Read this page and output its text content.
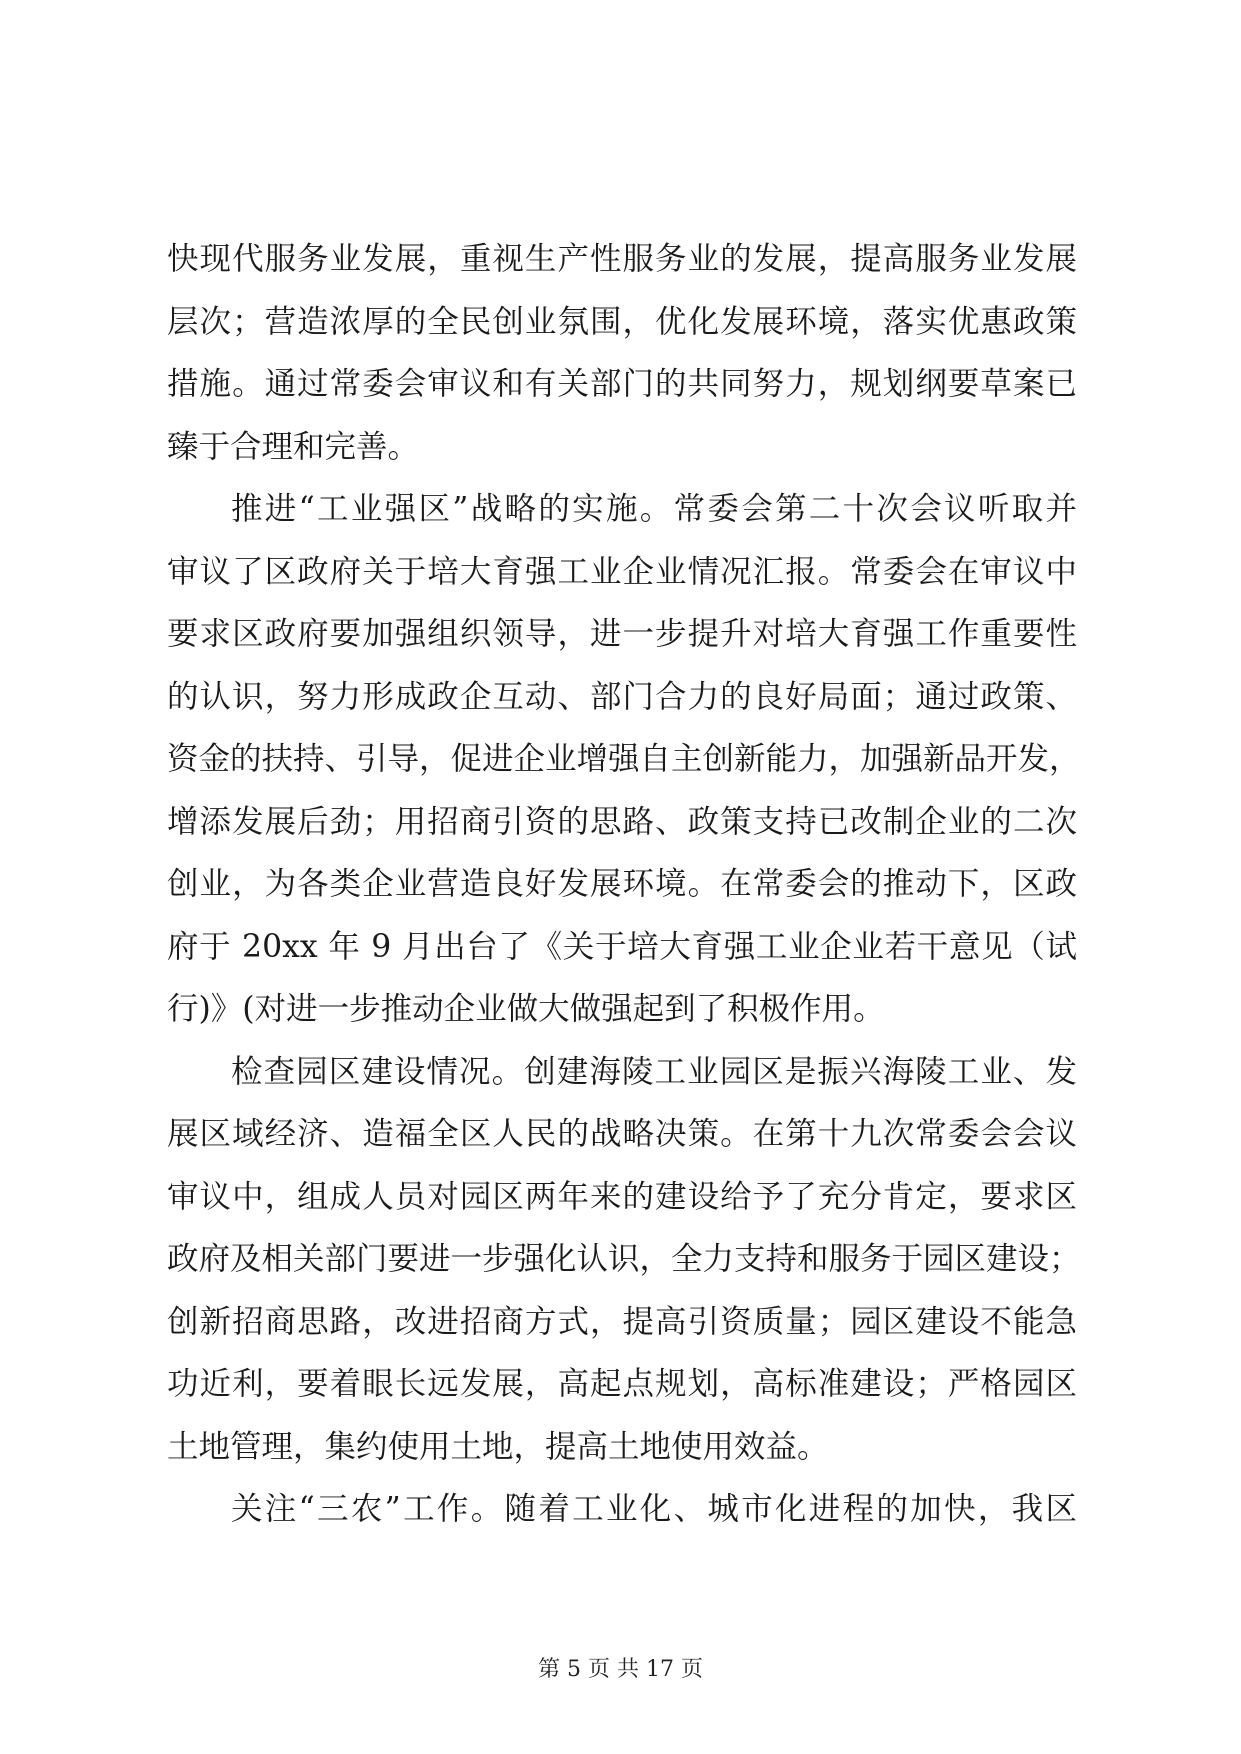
快现代服务业发展，重视生产性服务业的发展，提高服务业发展
层次；营造浓厚的全民创业氛围，优化发展环境，落实优惠政策
措施。通过常委会审议和有关部门的共同努力，规划纲要草案已
臻于合理和完善。
推进“工业强区”战略的实施。常委会第二十次会议听取并
审议了区政府关于培大育强工业企业情况汇报。常委会在审议中
要求区政府要加强组织领导，进一步提升对培大育强工作重要性
的认识，努力形成政企互动、部门合力的良好局面；通过政策、
资金的扶持、引导，促进企业增强自主创新能力，加强新品开发，
增添发展后劲；用招商引资的思路、政策支持已改制企业的二次
创业，为各类企业营造良好发展环境。在常委会的推动下，区政
府于 20xx 年 9 月出台了《关于培大育强工业企业若干意见（试
行)》(对进一步推动企业做大做强起到了积极作用。
检查园区建设情况。创建海陵工业园区是振兴海陵工业、发
展区域经济、造福全区人民的战略决策。在第十九次常委会会议
审议中，组成人员对园区两年来的建设给予了充分肯定，要求区
政府及相关部门要进一步强化认识，全力支持和服务于园区建设；
创新招商思路，改进招商方式，提高引资质量；园区建设不能急
功近利，要着眼长远发展，高起点规划，高标准建设；严格园区
土地管理，集约使用土地，提高土地使用效益。
关注“三农”工作。随着工业化、城市化进程的加快，我区
第 5 页 共 17 页
